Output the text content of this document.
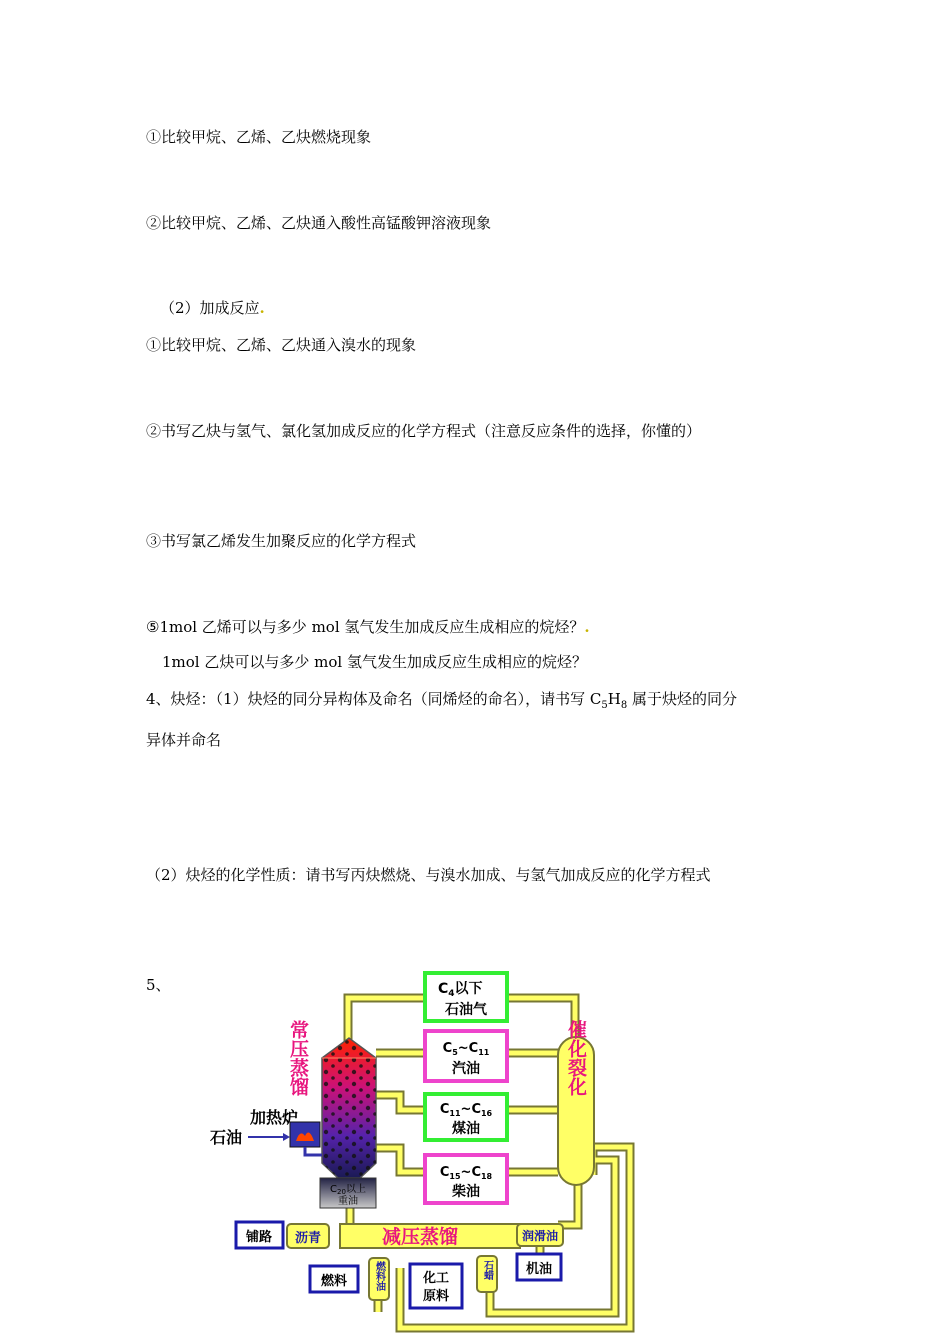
①比较甲烷、乙烯、乙炔燃烧现象
②比较甲烷、乙烯、乙炔通入酸性高锰酸钾溶液现象
（2）加成反应.
①比较甲烷、乙烯、乙炔通入溴水的现象
②书写乙炔与氢气、氯化氢加成反应的化学方程式（注意反应条件的选择，你懂的）
③书写氯乙烯发生加聚反应的化学方程式
⑤1mol 乙烯可以与多少 mol 氢气发生加成反应生成相应的烷烃？.
1mol 乙炔可以与多少 mol 氢气发生加成反应生成相应的烷烃？
4、炔烃：（1）炔烃的同分异构体及命名（同烯烃的命名），请书写 $C_5H_8$ 属于炔烃的同分
异体并命名
（2）炔烃的化学性质：请书写丙炔燃烧、与溴水加成、与氢气加成反应的化学方程式
5、
催化裂化
减压蒸馏
$C_{20}$以上
重油
加热炉
石油
常压蒸馏
$C_4$以下
石油气
$C_5\sim C_{11}$
汽油
$C_{11}\sim C_{16}$
煤油
$C_{15}\sim C_{18}$
柴油
沥青
铺路	润滑油
机油
燃料油
燃料
石蜡
化工
原料
